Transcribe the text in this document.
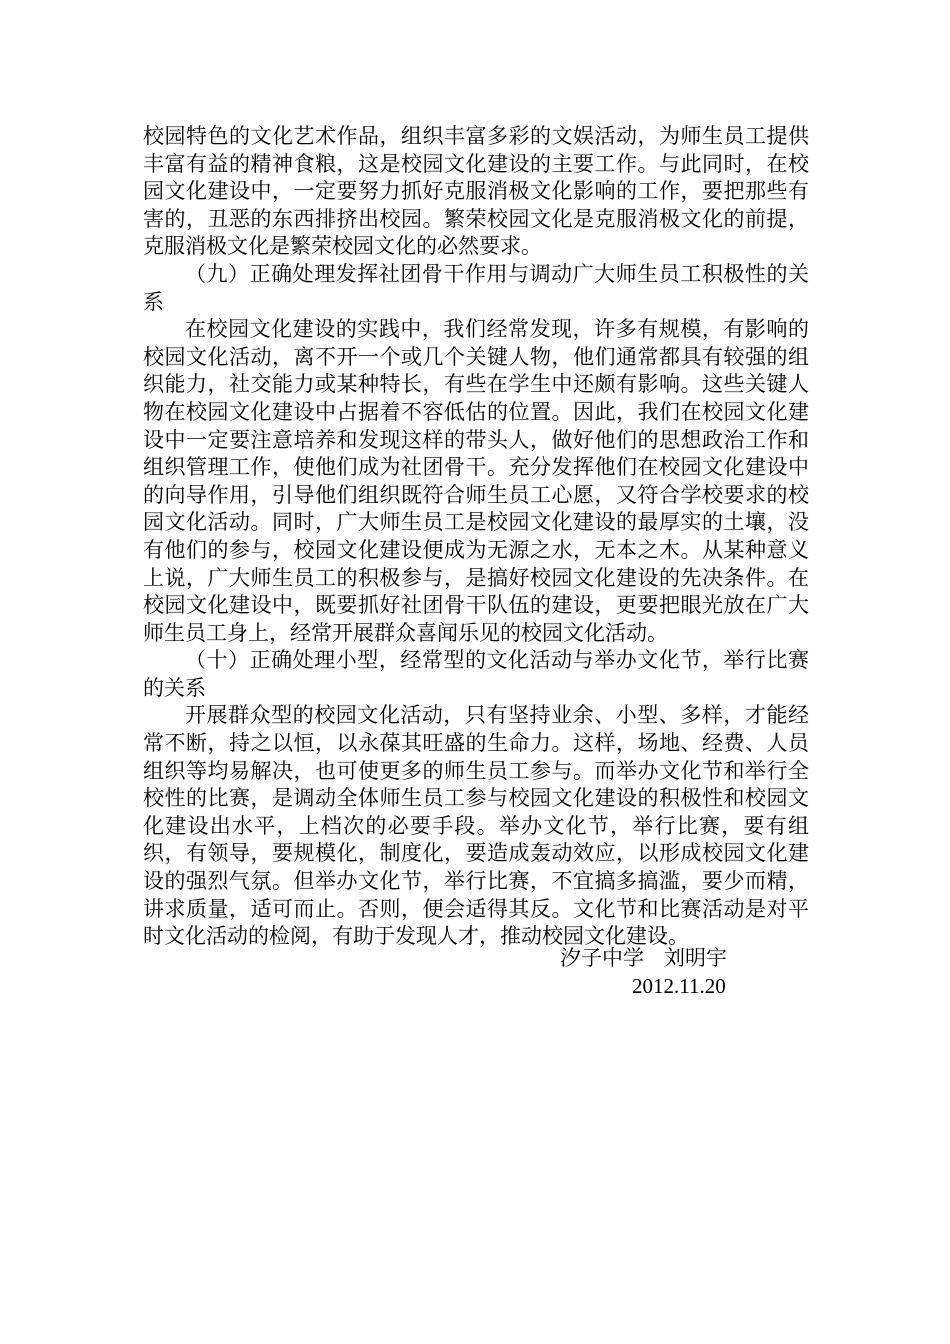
校园特色的文化艺术作品，组织丰富多彩的文娱活动，为师生员工提供丰富有益的精神食粮，这是校园文化建设的主要工作。与此同时，在校园文化建设中，一定要努力抓好克服消极文化影响的工作，要把那些有害的，丑恶的东西排挤出校园。繁荣校园文化是克服消极文化的前提，克服消极文化是繁荣校园文化的必然要求。

（九）正确处理发挥社团骨干作用与调动广大师生员工积极性的关系

在校园文化建设的实践中，我们经常发现，许多有规模，有影响的校园文化活动，离不开一个或几个关键人物，他们通常都具有较强的组织能力，社交能力或某种特长，有些在学生中还颇有影响。这些关键人物在校园文化建设中占据着不容低估的位置。因此，我们在校园文化建设中一定要注意培养和发现这样的带头人，做好他们的思想政治工作和组织管理工作，使他们成为社团骨干。充分发挥他们在校园文化建设中的向导作用，引导他们组织既符合师生员工心愿，又符合学校要求的校园文化活动。同时，广大师生员工是校园文化建设的最厚实的土壤，没有他们的参与，校园文化建设便成为无源之水，无本之木。从某种意义上说，广大师生员工的积极参与，是搞好校园文化建设的先决条件。在校园文化建设中，既要抓好社团骨干队伍的建设，更要把眼光放在广大师生员工身上，经常开展群众喜闻乐见的校园文化活动。

（十）正确处理小型，经常型的文化活动与举办文化节，举行比赛的关系

开展群众型的校园文化活动，只有坚持业余、小型、多样，才能经常不断，持之以恒，以永葆其旺盛的生命力。这样，场地、经费、人员组织等均易解决，也可使更多的师生员工参与。而举办文化节和举行全校性的比赛，是调动全体师生员工参与校园文化建设的积极性和校园文化建设出水平，上档次的必要手段。举办文化节，举行比赛，要有组织，有领导，要规模化，制度化，要造成轰动效应，以形成校园文化建设的强烈气氛。但举办文化节，举行比赛，不宜搞多搞滥，要少而精，讲求质量，适可而止。否则，便会适得其反。文化节和比赛活动是对平时文化活动的检阅，有助于发现人才，推动校园文化建设。

汐子中学   刘明宇
2012.11.20
